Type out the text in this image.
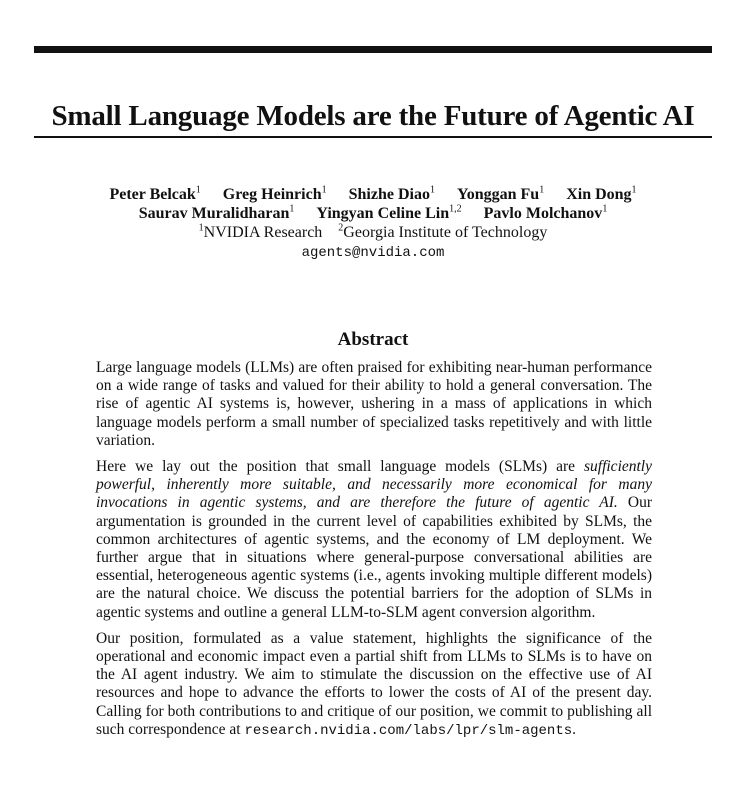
Small Language Models are the Future of Agentic AI
Peter Belcak$^1$ Greg Heinrich$^1$ Shizhe Diao$^1$ Yonggan Fu$^1$ Xin Dong$^1$
Saurav Muralidharan$^1$ Yingyan Celine Lin$^{1,2}$ Pavlo Molchanov$^1$
$^1$NVIDIA Research $^2$Georgia Institute of Technology
agents@nvidia.com
Abstract

Large language models (LLMs) are often praised for exhibiting near-human performance on a wide range of tasks and valued for their ability to hold a general conversation. The rise of agentic AI systems is, however, ushering in a mass of applications in which language models perform a small number of specialized tasks repetitively and with little variation.

Here we lay out the position that small language models (SLMs) are sufficiently powerful, inherently more suitable, and necessarily more economical for many invocations in agentic systems, and are therefore the future of agentic AI. Our argumentation is grounded in the current level of capabilities exhibited by SLMs, the common architectures of agentic systems, and the economy of LM deployment. We further argue that in situations where general-purpose conversational abilities are essential, heterogeneous agentic systems (i.e., agents invoking multiple different models) are the natural choice. We discuss the potential barriers for the adoption of SLMs in agentic systems and outline a general LLM-to-SLM agent conversion algorithm.

Our position, formulated as a value statement, highlights the significance of the operational and economic impact even a partial shift from LLMs to SLMs is to have on the AI agent industry. We aim to stimulate the discussion on the effective use of AI resources and hope to advance the efforts to lower the costs of AI of the present day. Calling for both contributions to and critique of our position, we commit to publishing all such correspondence at research.nvidia.com/labs/lpr/slm-agents.
